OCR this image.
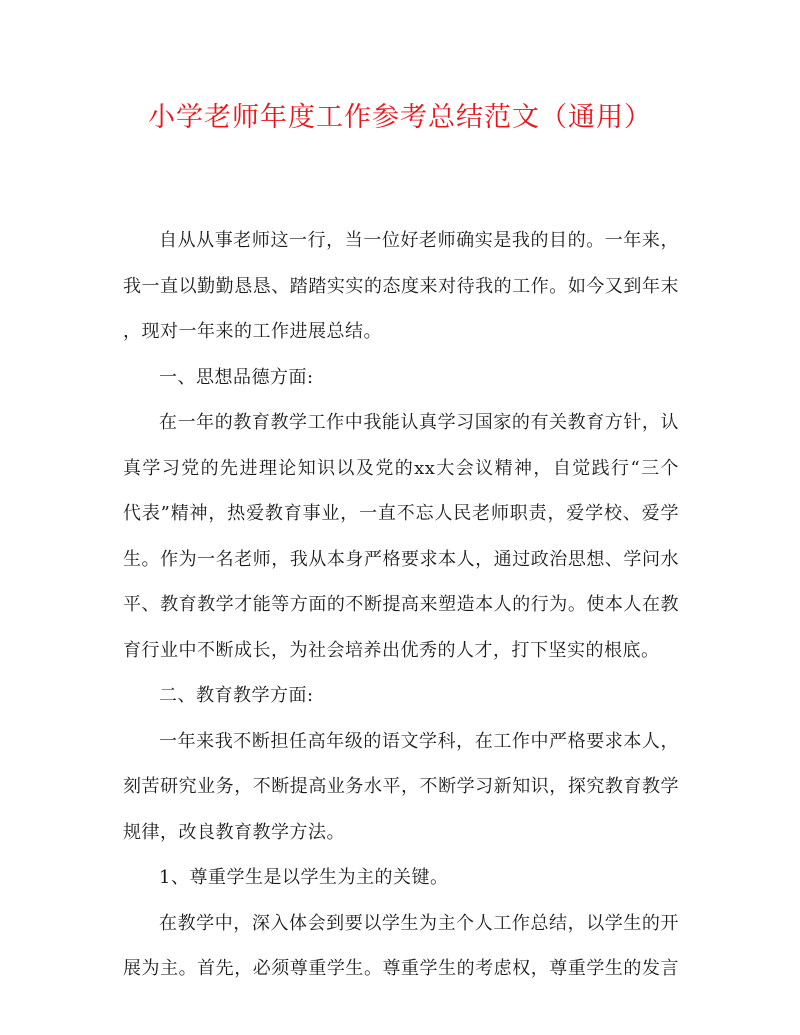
小学老师年度工作参考总结范文（通用）
自从从事老师这一行，当一位好老师确实是我的目的。一年来，
我一直以勤勤恳恳、踏踏实实的态度来对待我的工作。如今又到年末
，现对一年来的工作进展总结。
一、思想品德方面:
在一年的教育教学工作中我能认真学习国家的有关教育方针，认
真学习党的先进理论知识以及党的xx大会议精神，自觉践行“三个
代表”精神，热爱教育事业，一直不忘人民老师职责，爱学校、爱学
生。作为一名老师，我从本身严格要求本人，通过政治思想、学问水
平、教育教学才能等方面的不断提高来塑造本人的行为。使本人在教
育行业中不断成长，为社会培养出优秀的人才，打下坚实的根底。
二、教育教学方面:
一年来我不断担任高年级的语文学科，在工作中严格要求本人，
刻苦研究业务，不断提高业务水平，不断学习新知识，探究教育教学
规律，改良教育教学方法。
1、尊重学生是以学生为主的关键。
在教学中，深入体会到要以学生为主个人工作总结，以学生的开
展为主。首先，必须尊重学生。尊重学生的考虑权，尊重学生的发言
